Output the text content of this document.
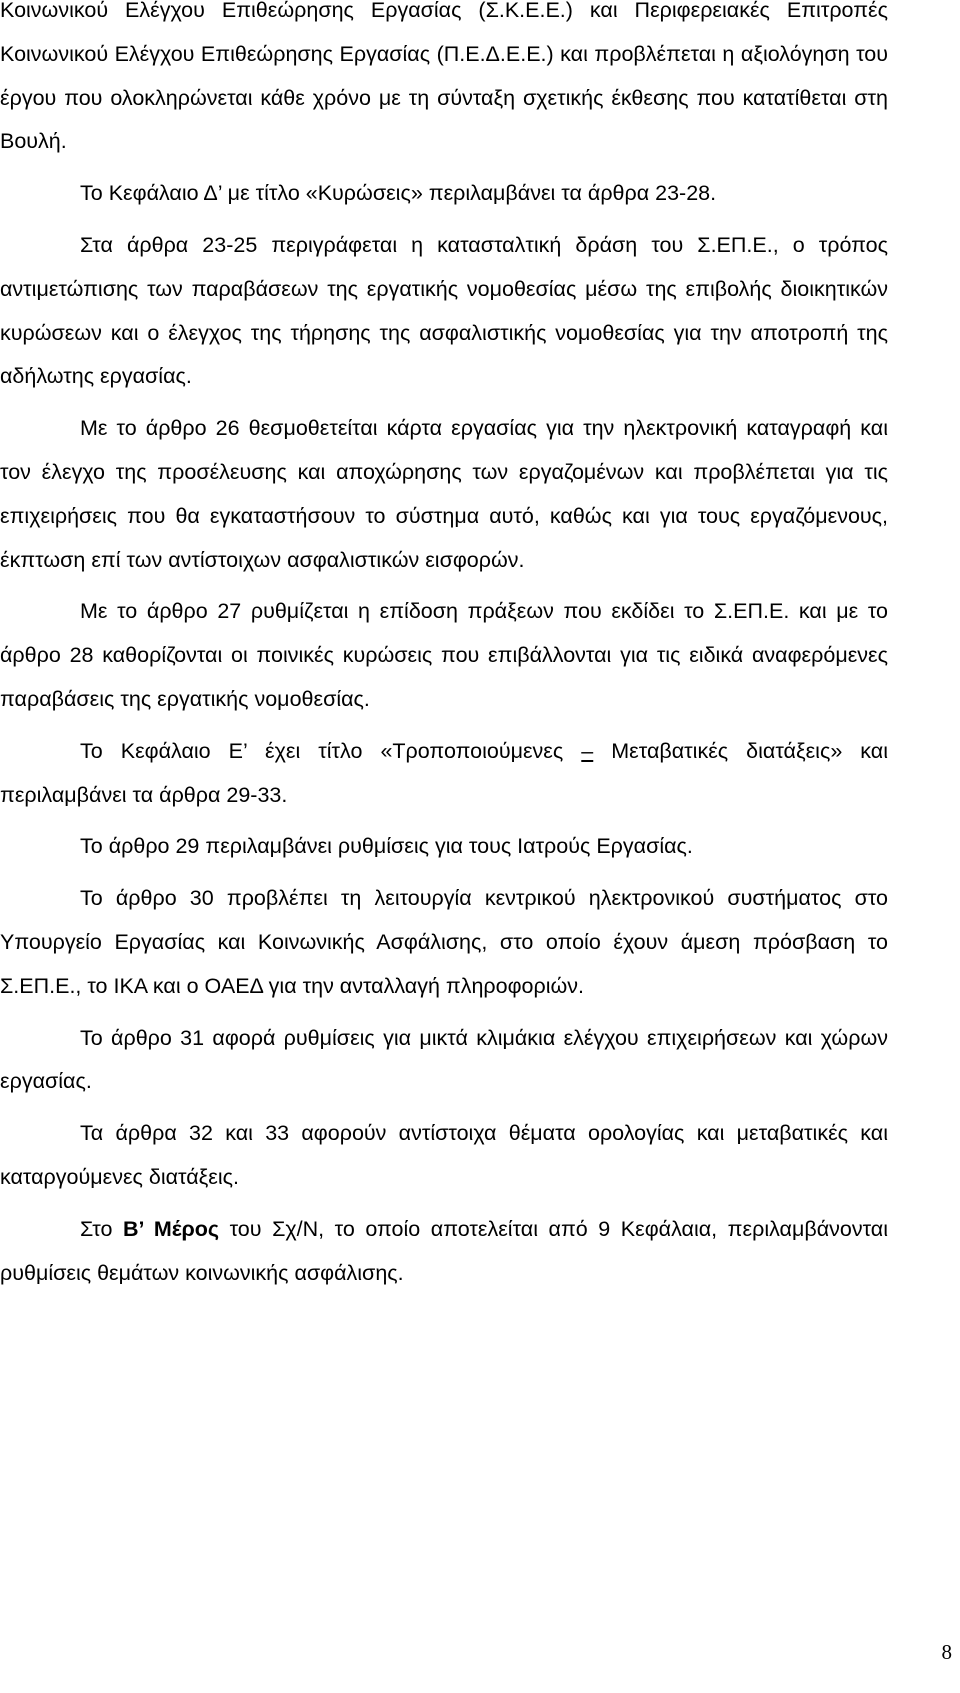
Κοινωνικού Ελέγχου Επιθεώρησης Εργασίας (Σ.Κ.Ε.Ε.) και Περιφερειακές Επιτροπές Κοινωνικού Ελέγχου Επιθεώρησης Εργασίας (Π.Ε.Δ.Ε.Ε.) και προβλέπεται η αξιολόγηση του έργου που ολοκληρώνεται κάθε χρόνο με τη σύνταξη σχετικής έκθεσης που κατατίθεται στη Βουλή.

Το Κεφάλαιο Δ’ με τίτλο «Κυρώσεις» περιλαμβάνει τα άρθρα 23-28.

Στα άρθρα 23-25 περιγράφεται η κατασταλτική δράση του Σ.ΕΠ.Ε., ο τρόπος αντιμετώπισης των παραβάσεων της εργατικής νομοθεσίας μέσω της επιβολής διοικητικών κυρώσεων και ο έλεγχος της τήρησης της ασφαλιστικής νομοθεσίας για την αποτροπή της αδήλωτης εργασίας.

Με το άρθρο 26 θεσμοθετείται κάρτα εργασίας για την ηλεκτρονική καταγραφή και τον έλεγχο της προσέλευσης και αποχώρησης των εργαζομένων και προβλέπεται για τις επιχειρήσεις που θα εγκαταστήσουν το σύστημα αυτό, καθώς και για τους εργαζόμενους, έκπτωση επί των αντίστοιχων ασφαλιστικών εισφορών.

Με το άρθρο 27 ρυθμίζεται η επίδοση πράξεων που εκδίδει το Σ.ΕΠ.Ε. και με το άρθρο 28 καθορίζονται οι ποινικές κυρώσεις που επιβάλλονται για τις ειδικά αναφερόμενες παραβάσεις της εργατικής νομοθεσίας.

Το Κεφάλαιο Ε’ έχει τίτλο «Τροποποιούμενες – Μεταβατικές διατάξεις» και περιλαμβάνει τα άρθρα 29-33.

Το άρθρο 29 περιλαμβάνει ρυθμίσεις για τους Ιατρούς Εργασίας.

Το άρθρο 30 προβλέπει τη λειτουργία κεντρικού ηλεκτρονικού συστήματος στο Υπουργείο Εργασίας και Κοινωνικής Ασφάλισης, στο οποίο έχουν άμεση πρόσβαση το Σ.ΕΠ.Ε., το ΙΚΑ και ο ΟΑΕΔ για την ανταλλαγή πληροφοριών.

Το άρθρο 31 αφορά ρυθμίσεις για μικτά κλιμάκια ελέγχου επιχειρήσεων και χώρων εργασίας.

Τα άρθρα 32 και 33 αφορούν αντίστοιχα θέματα ορολογίας και μεταβατικές και καταργούμενες διατάξεις.

Στο Β’ Μέρος του Σχ/Ν, το οποίο αποτελείται από 9 Κεφάλαια, περιλαμβάνονται ρυθμίσεις θεμάτων κοινωνικής ασφάλισης.

8
